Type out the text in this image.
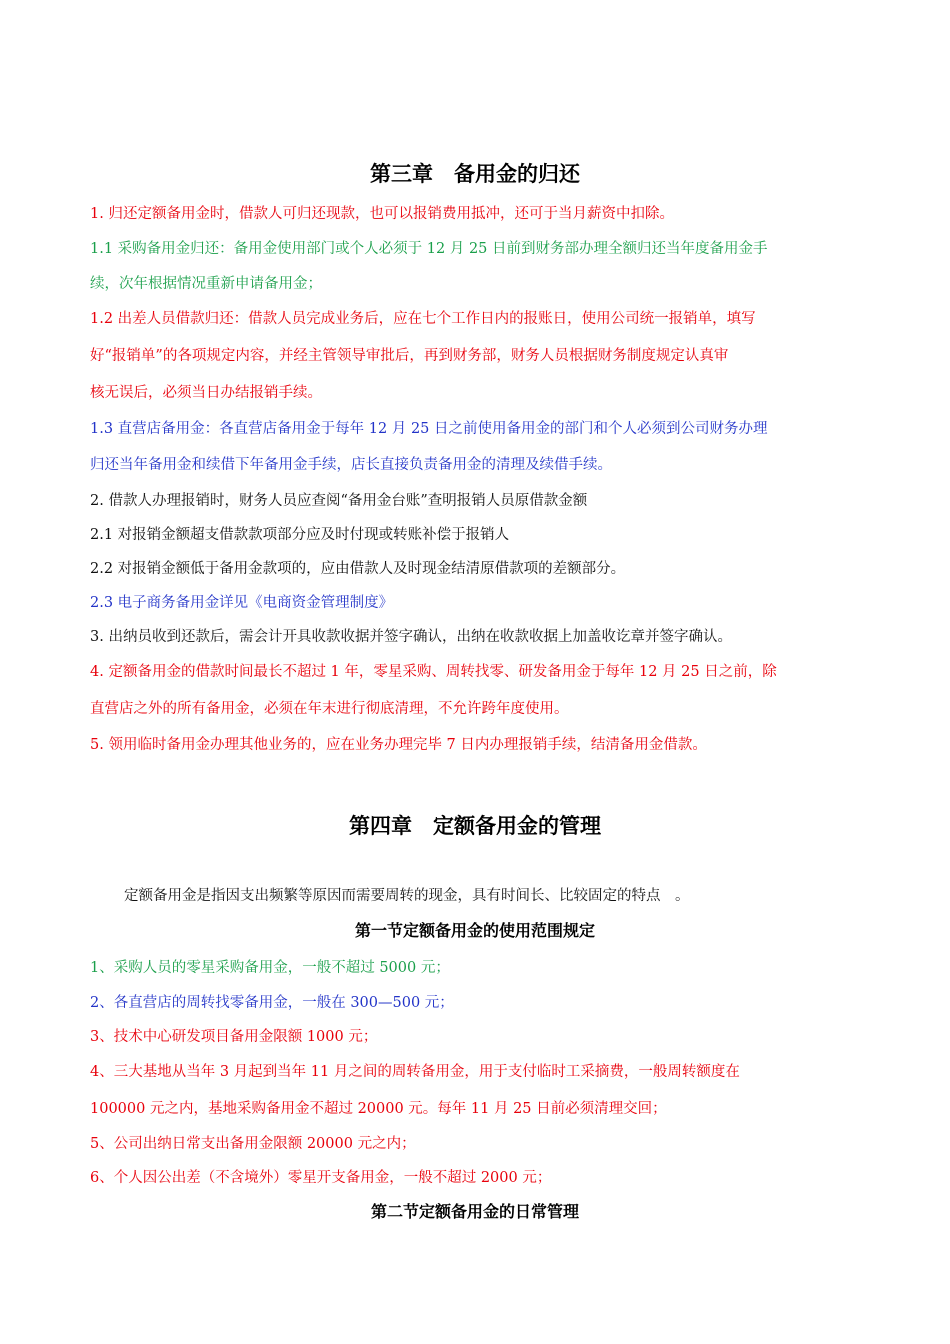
第三章　备用金的归还
1. 归还定额备用金时，借款人可归还现款，也可以报销费用抵冲，还可于当月薪资中扣除。
1.1 采购备用金归还：备用金使用部门或个人必须于 12 月 25 日前到财务部办理全额归还当年度备用金手
续，次年根据情况重新申请备用金；
1.2 出差人员借款归还：借款人员完成业务后，应在七个工作日内的报账日，使用公司统一报销单，填写
好“报销单”的各项规定内容，并经主管领导审批后，再到财务部，财务人员根据财务制度规定认真审
核无误后，必须当日办结报销手续。
1.3 直营店备用金：各直营店备用金于每年 12 月 25 日之前使用备用金的部门和个人必须到公司财务办理
归还当年备用金和续借下年备用金手续，店长直接负责备用金的清理及续借手续。
2. 借款人办理报销时，财务人员应查阅“备用金台账”查明报销人员原借款金额
2.1 对报销金额超支借款款项部分应及时付现或转账补偿于报销人
2.2 对报销金额低于备用金款项的，应由借款人及时现金结清原借款项的差额部分。
2.3 电子商务备用金详见《电商资金管理制度》
3. 出纳员收到还款后，需会计开具收款收据并签字确认，出纳在收款收据上加盖收讫章并签字确认。
4. 定额备用金的借款时间最长不超过 1 年，零星采购、周转找零、研发备用金于每年 12 月 25 日之前，除
直营店之外的所有备用金，必须在年末进行彻底清理，不允许跨年度使用。
5. 领用临时备用金办理其他业务的，应在业务办理完毕 7 日内办理报销手续，结清备用金借款。
第四章　定额备用金的管理
定额备用金是指因支出频繁等原因而需要周转的现金，具有时间长、比较固定的特点　。
第一节定额备用金的使用范围规定
1、采购人员的零星采购备用金，一般不超过 5000 元；
2、各直营店的周转找零备用金，一般在 300—500 元；
3、技术中心研发项目备用金限额 1000 元；
4、三大基地从当年 3 月起到当年 11 月之间的周转备用金，用于支付临时工采摘费，一般周转额度在
100000 元之内，基地采购备用金不超过 20000 元。每年 11 月 25 日前必须清理交回；
5、公司出纳日常支出备用金限额 20000 元之内；
6、个人因公出差（不含境外）零星开支备用金，一般不超过 2000 元；
第二节定额备用金的日常管理
